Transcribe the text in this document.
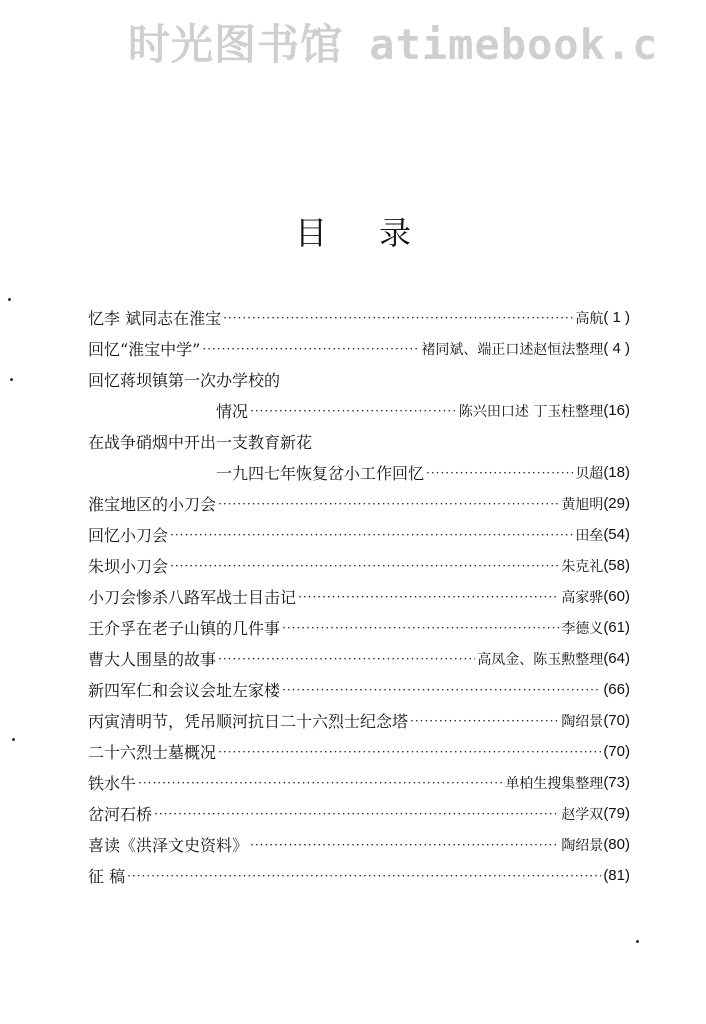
时光图书馆 atimebook.c
目录
忆李 斌同志在淮宝 ·····	高航 ( 1 )
回忆“淮宝中学” ·····	褚同斌、端正口述赵恒法整理 ( 4 )
回忆蒋坝镇第一次办学校的
情况 ·····	陈兴田口述 丁玉柱整理 (16)
在战争硝烟中开出一支教育新花
一九四七年恢复岔小工作回忆 ·····	贝超 (18)
淮宝地区的小刀会 ·····	黄旭明 (29)
回忆小刀会 ·····	田垒 (54)
朱坝小刀会 ·····	朱克礼 (58)
小刀会惨杀八路军战士目击记 ·····	高家骅 (60)
王介孚在老子山镇的几件事 ·····	李德义 (61)
曹大人围垦的故事 ·····	高凤金、陈玉勲整理 (64)
新四军仁和会议会址左家楼 ·····	(66)
丙寅清明节，凭吊顺河抗日二十六烈士纪念塔 ·····	陶绍景 (70)
二十六烈士墓概况 ·····	(70)
铁水牛 ·····	单柏生搜集整理 (73)
岔河石桥 ·····	赵学双 (79)
喜读《洪泽文史资料》 ·····	陶绍景 (80)
征 稿 ·····	(81)
